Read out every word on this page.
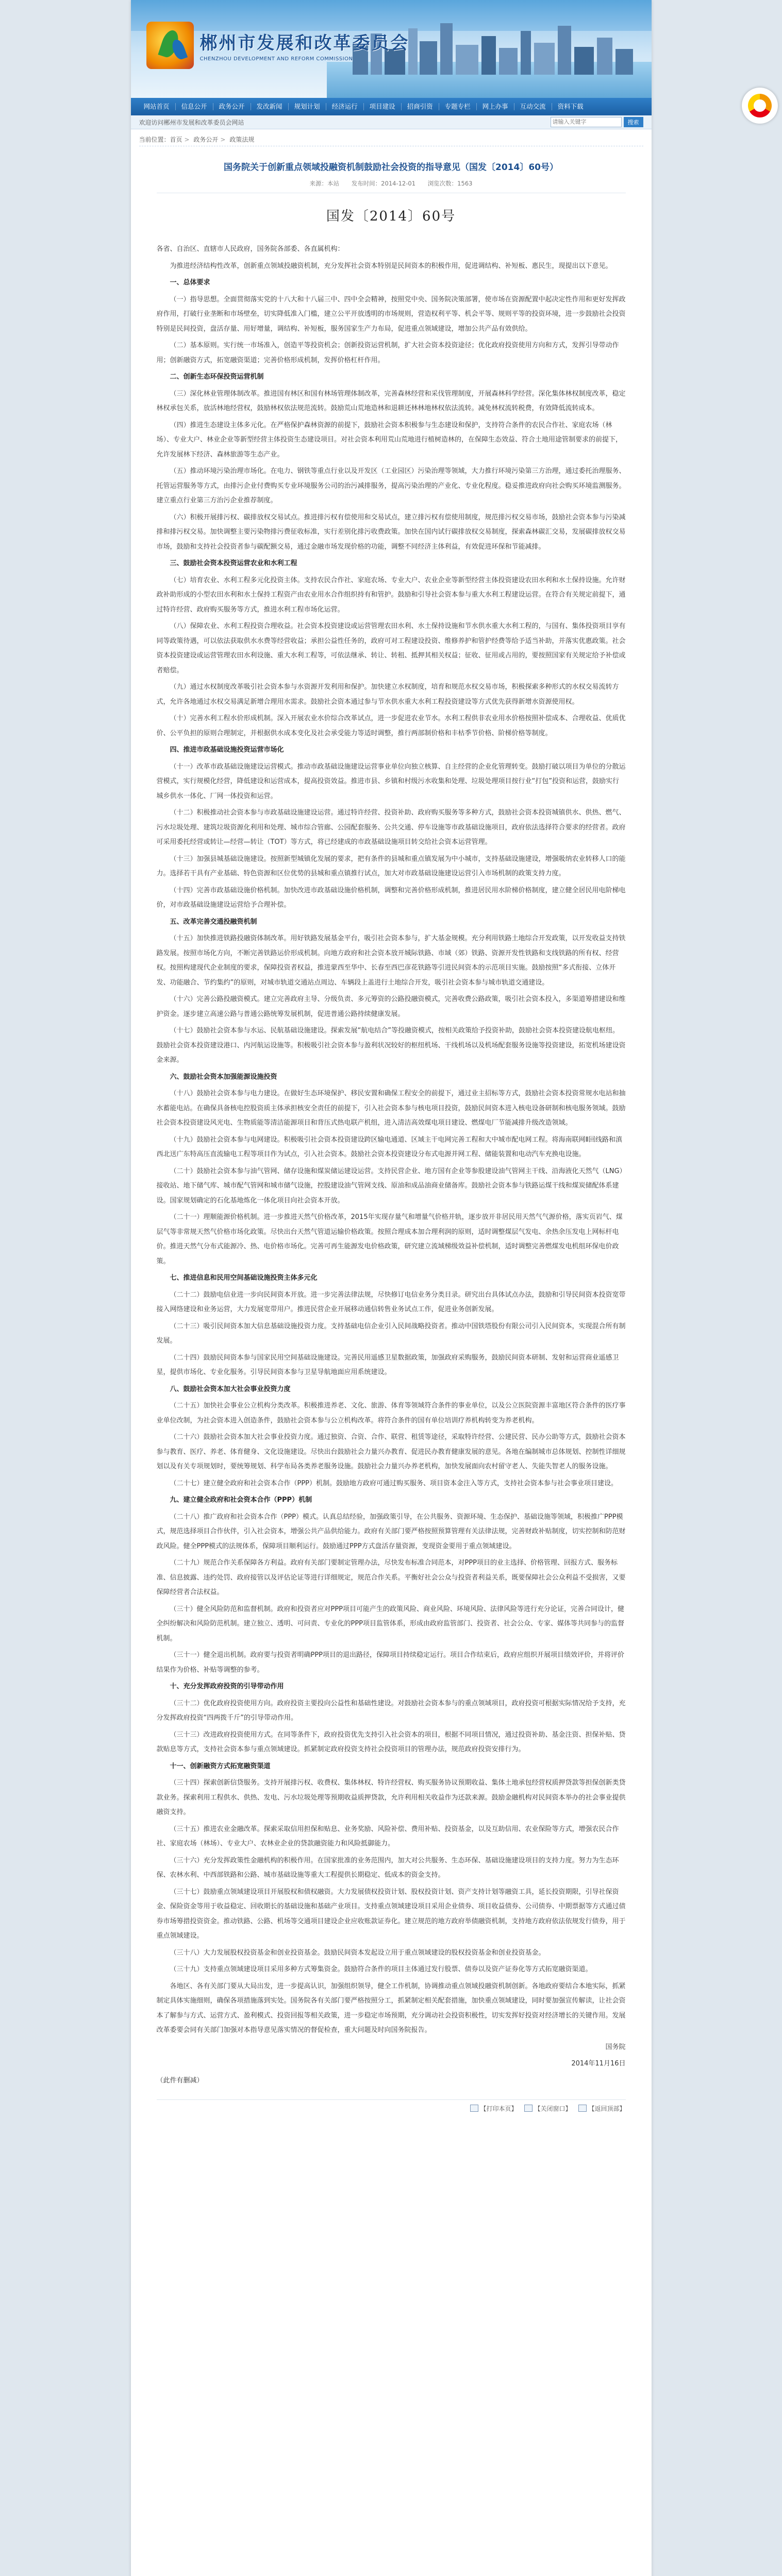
郴州市发展和改革委员会
CHENZHOU DEVELOPMENT AND REFORM COMMISSION
网站首页	信息公开	政务公开	发改新闻	规划计划	经济运行	项目建设	招商引资	专题专栏	网上办事	互动交流	资料下载
欢迎访问郴州市发展和改革委员会网站
请输入关键字	搜索
当前位置：首页 > 政务公开 > 政策法规
国务院关于创新重点领域投融资机制鼓励社会投资的指导意见（国发〔2014〕60号）
来源：本站 发布时间：2014-12-01 浏览次数：1563
国发〔2014〕60号

各省、自治区、直辖市人民政府，国务院各部委、各直属机构：

为推进经济结构性改革，创新重点领域投融资机制，充分发挥社会资本特别是民间资本的积极作用，促进调结构、补短板、惠民生，现提出以下意见。

一、总体要求

（一）指导思想。全面贯彻落实党的十八大和十八届三中、四中全会精神，按照党中央、国务院决策部署，使市场在资源配置中起决定性作用和更好发挥政府作用，打破行业垄断和市场壁垒，切实降低准入门槛，建立公平开放透明的市场规则，营造权利平等、机会平等、规则平等的投资环境，进一步鼓励社会投资特别是民间投资，盘活存量、用好增量，调结构、补短板，服务国家生产力布局，促进重点领域建设，增加公共产品有效供给。

（二）基本原则。实行统一市场准入，创造平等投资机会；创新投资运营机制，扩大社会资本投资途径；优化政府投资使用方向和方式，发挥引导带动作用；创新融资方式，拓宽融资渠道；完善价格形成机制，发挥价格杠杆作用。

二、创新生态环保投资运营机制

（三）深化林业管理体制改革。推进国有林区和国有林场管理体制改革，完善森林经营和采伐管理制度，开展森林科学经营。深化集体林权制度改革，稳定林权承包关系，放活林地经营权，鼓励林权依法规范流转。鼓励荒山荒地造林和退耕还林林地林权依法流转。减免林权流转税费，有效降低流转成本。

（四）推进生态建设主体多元化。在严格保护森林资源的前提下，鼓励社会资本积极参与生态建设和保护，支持符合条件的农民合作社、家庭农场（林场）、专业大户、林业企业等新型经营主体投资生态建设项目。对社会资本利用荒山荒地进行植树造林的，在保障生态效益、符合土地用途管制要求的前提下，允许发展林下经济、森林旅游等生态产业。

（五）推动环境污染治理市场化。在电力、钢铁等重点行业以及开发区（工业园区）污染治理等领域，大力推行环境污染第三方治理，通过委托治理服务、托管运营服务等方式，由排污企业付费购买专业环境服务公司的治污减排服务，提高污染治理的产业化、专业化程度。稳妥推进政府向社会购买环境监测服务。建立重点行业第三方治污企业推荐制度。

（六）积极开展排污权、碳排放权交易试点。推进排污权有偿使用和交易试点，建立排污权有偿使用制度，规范排污权交易市场，鼓励社会资本参与污染减排和排污权交易。加快调整主要污染物排污费征收标准，实行差别化排污收费政策。加快在国内试行碳排放权交易制度，探索森林碳汇交易，发展碳排放权交易市场，鼓励和支持社会投资者参与碳配额交易，通过金融市场发现价格的功能，调整不同经济主体利益，有效促进环保和节能减排。

三、鼓励社会资本投资运营农业和水利工程

（七）培育农业、水利工程多元化投资主体。支持农民合作社、家庭农场、专业大户、农业企业等新型经营主体投资建设农田水利和水土保持设施。允许财政补助形成的小型农田水利和水土保持工程资产由农业用水合作组织持有和管护。鼓励和引导社会资本参与重大水利工程建设运营。在符合有关规定前提下，通过特许经营、政府购买服务等方式，推进水利工程市场化运营。

（八）保障农业、水利工程投资合理收益。社会资本投资建设或运营管理农田水利、水土保持设施和节水供水重大水利工程的，与国有、集体投资项目享有同等政策待遇，可以依法获取供水水费等经营收益；承担公益性任务的，政府可对工程建设投资、维修养护和管护经费等给予适当补助，并落实优惠政策。社会资本投资建设或运营管理农田水利设施、重大水利工程等，可依法继承、转让、转租、抵押其相关权益；征收、征用或占用的，要按照国家有关规定给予补偿或者赔偿。

（九）通过水权制度改革吸引社会资本参与水资源开发利用和保护。加快建立水权制度，培育和规范水权交易市场，积极探索多种形式的水权交易流转方式，允许各地通过水权交易满足新增合理用水需求。鼓励社会资本通过参与节水供水重大水利工程投资建设等方式优先获得新增水资源使用权。

（十）完善水利工程水价形成机制。深入开展农业水价综合改革试点，进一步促进农业节水。水利工程供非农业用水价格按照补偿成本、合理收益、优质优价、公平负担的原则合理制定，并根据供水成本变化及社会承受能力等适时调整，推行两部制价格和丰枯季节价格、阶梯价格等制度。

四、推进市政基础设施投资运营市场化

（十一）改革市政基础设施建设运营模式。推动市政基础设施建设运营事业单位向独立核算、自主经营的企业化管理转变。鼓励打破以项目为单位的分散运营模式，实行规模化经营，降低建设和运营成本，提高投资效益。推进市县、乡镇和村级污水收集和处理、垃圾处理项目按行业“打包”投资和运营，鼓励实行城乡供水一体化、厂网一体投资和运营。

（十二）积极推动社会资本参与市政基础设施建设运营。通过特许经营、投资补助、政府购买服务等多种方式，鼓励社会资本投资城镇供水、供热、燃气、污水垃圾处理、建筑垃圾资源化利用和处理、城市综合管廊、公园配套服务、公共交通、停车设施等市政基础设施项目，政府依法选择符合要求的经营者。政府可采用委托经营或转让—经营—转让（TOT）等方式，将已经建成的市政基础设施项目转交给社会资本运营管理。

（十三）加强县城基础设施建设。按照新型城镇化发展的要求，把有条件的县城和重点镇发展为中小城市，支持基础设施建设，增强吸纳农业转移人口的能力。选择若干具有产业基础、特色资源和区位优势的县城和重点镇推行试点，加大对市政基础设施建设运营引入市场机制的政策支持力度。

（十四）完善市政基础设施价格机制。加快改进市政基础设施价格机制，调整和完善价格形成机制，推进居民用水阶梯价格制度，建立健全居民用电阶梯电价，对市政基础设施建设运营给予合理补偿。

五、改革完善交通投融资机制

（十五）加快推进铁路投融资体制改革。用好铁路发展基金平台，吸引社会资本参与，扩大基金规模。充分利用铁路土地综合开发政策，以开发收益支持铁路发展。按照市场化方向，不断完善铁路运价形成机制。向地方政府和社会资本放开城际铁路、市域（郊）铁路、资源开发性铁路和支线铁路的所有权、经营权。按照构建现代企业制度的要求，保障投资者权益，推进蒙西至华中、长春至西巴彦花铁路等引进民间资本的示范项目实施。鼓励按照“多式衔接、立体开发、功能融合、节约集约”的原则，对城市轨道交通站点周边、车辆段上盖进行土地综合开发，吸引社会资本参与城市轨道交通建设。

（十六）完善公路投融资模式。建立完善政府主导、分级负责、多元筹资的公路投融资模式，完善收费公路政策，吸引社会资本投入，多渠道筹措建设和维护资金。逐步建立高速公路与普通公路统筹发展机制，促进普通公路持续健康发展。

（十七）鼓励社会资本参与水运、民航基础设施建设。探索发展“航电结合”等投融资模式，按相关政策给予投资补助，鼓励社会资本投资建设航电枢纽。鼓励社会资本投资建设港口、内河航运设施等。积极吸引社会资本参与盈利状况较好的枢纽机场、干线机场以及机场配套服务设施等投资建设，拓宽机场建设资金来源。

六、鼓励社会资本加强能源设施投资

（十八）鼓励社会资本参与电力建设。在做好生态环境保护、移民安置和确保工程安全的前提下，通过业主招标等方式，鼓励社会资本投资常规水电站和抽水蓄能电站。在确保具备核电控股资质主体承担核安全责任的前提下，引入社会资本参与核电项目投资，鼓励民间资本进入核电设备研制和核电服务领域。鼓励社会资本投资建设风光电、生物质能等清洁能源项目和背压式热电联产机组，进入清洁高效煤电项目建设、燃煤电厂节能减排升级改造领域。

（十九）鼓励社会资本参与电网建设。积极吸引社会资本投资建设跨区输电通道、区域主干电网完善工程和大中城市配电网工程。将海南联网Ⅱ回线路和滇西北送广东特高压直流输电工程等项目作为试点，引入社会资本。鼓励社会资本投资建设分布式电源并网工程、储能装置和电动汽车充换电设施。

（二十）鼓励社会资本参与油气管网、储存设施和煤炭储运建设运营。支持民营企业、地方国有企业等参股建设油气管网主干线、沿海液化天然气（LNG）接收站、地下储气库、城市配气管网和城市储气设施，控股建设油气管网支线、原油和成品油商业储备库。鼓励社会资本参与铁路运煤干线和煤炭储配体系建设。国家规划确定的石化基地炼化一体化项目向社会资本开放。

（二十一）理顺能源价格机制。进一步推进天然气价格改革，2015年实现存量气和增量气价格并轨，逐步放开非居民用天然气气源价格，落实页岩气、煤层气等非常规天然气价格市场化政策。尽快出台天然气管道运输价格政策。按照合理成本加合理利润的原则，适时调整煤层气发电、余热余压发电上网标杆电价。推进天然气分布式能源冷、热、电价格市场化。完善可再生能源发电价格政策，研究建立流域梯级效益补偿机制，适时调整完善燃煤发电机组环保电价政策。

七、推进信息和民用空间基础设施投资主体多元化

（二十二）鼓励电信业进一步向民间资本开放。进一步完善法律法规，尽快修订电信业务分类目录。研究出台具体试点办法，鼓励和引导民间资本投资宽带接入网络建设和业务运营，大力发展宽带用户。推进民营企业开展移动通信转售业务试点工作，促进业务创新发展。

（二十三）吸引民间资本加大信息基础设施投资力度。支持基础电信企业引入民间战略投资者。推动中国铁塔股份有限公司引入民间资本，实现混合所有制发展。

（二十四）鼓励民间资本参与国家民用空间基础设施建设。完善民用遥感卫星数据政策，加强政府采购服务，鼓励民间资本研制、发射和运营商业遥感卫星，提供市场化、专业化服务。引导民间资本参与卫星导航地面应用系统建设。

八、鼓励社会资本加大社会事业投资力度

（二十五）加快社会事业公立机构分类改革。积极推进养老、文化、旅游、体育等领域符合条件的事业单位，以及公立医院资源丰富地区符合条件的医疗事业单位改制，为社会资本进入创造条件，鼓励社会资本参与公立机构改革。将符合条件的国有单位培训疗养机构转变为养老机构。

（二十六）鼓励社会资本加大社会事业投资力度。通过独资、合资、合作、联营、租赁等途径，采取特许经营、公建民营、民办公助等方式，鼓励社会资本参与教育、医疗、养老、体育健身、文化设施建设。尽快出台鼓励社会力量兴办教育、促进民办教育健康发展的意见。各地在编制城市总体规划、控制性详细规划以及有关专项规划时，要统筹规划、科学布局各类养老服务设施。鼓励社会力量兴办养老机构，加快发展面向农村留守老人、失能失智老人的服务设施。

（二十七）建立健全政府和社会资本合作（PPP）机制。鼓励地方政府可通过购买服务、项目资本金注入等方式，支持社会资本参与社会事业项目建设。

九、建立健全政府和社会资本合作（PPP）机制

（二十八）推广政府和社会资本合作（PPP）模式。认真总结经验，加强政策引导，在公共服务、资源环境、生态保护、基础设施等领域，积极推广PPP模式，规范选择项目合作伙伴，引入社会资本，增强公共产品供给能力。政府有关部门要严格按照预算管理有关法律法规，完善财政补贴制度，切实控制和防范财政风险。健全PPP模式的法规体系，保障项目顺利运行。鼓励通过PPP方式盘活存量资源，变现资金要用于重点领域建设。

（二十九）规范合作关系保障各方利益。政府有关部门要制定管理办法，尽快发布标准合同范本，对PPP项目的业主选择、价格管理、回报方式、服务标准、信息披露、违约处罚、政府接管以及评估论证等进行详细规定，规范合作关系。平衡好社会公众与投资者利益关系，既要保障社会公众利益不受损害，又要保障经营者合法权益。

（三十）健全风险防范和监督机制。政府和投资者应对PPP项目可能产生的政策风险、商业风险、环境风险、法律风险等进行充分论证，完善合同设计，健全纠纷解决和风险防范机制。建立独立、透明、可问责、专业化的PPP项目监管体系，形成由政府监管部门、投资者、社会公众、专家、媒体等共同参与的监督机制。

（三十一）健全退出机制。政府要与投资者明确PPP项目的退出路径，保障项目持续稳定运行。项目合作结束后，政府应组织开展项目绩效评价，并将评价结果作为价格、补贴等调整的参考。

十、充分发挥政府投资的引导带动作用

（三十二）优化政府投资使用方向。政府投资主要投向公益性和基础性建设。对鼓励社会资本参与的重点领域项目，政府投资可根据实际情况给予支持，充分发挥政府投资“四两拨千斤”的引导带动作用。

（三十三）改进政府投资使用方式。在同等条件下，政府投资优先支持引入社会资本的项目，根据不同项目情况，通过投资补助、基金注资、担保补贴、贷款贴息等方式，支持社会资本参与重点领域建设。抓紧制定政府投资支持社会投资项目的管理办法，规范政府投资安排行为。

十一、创新融资方式拓宽融资渠道

（三十四）探索创新信贷服务。支持开展排污权、收费权、集体林权、特许经营权、购买服务协议预期收益、集体土地承包经营权质押贷款等担保创新类贷款业务。探索利用工程供水、供热、发电、污水垃圾处理等预期收益质押贷款，允许利用相关收益作为还款来源。鼓励金融机构对民间资本举办的社会事业提供融资支持。

（三十五）推进农业金融改革。探索采取信用担保和贴息、业务奖励、风险补偿、费用补贴、投资基金，以及互助信用、农业保险等方式，增强农民合作社、家庭农场（林场）、专业大户、农林业企业的贷款融资能力和风险抵御能力。

（三十六）充分发挥政策性金融机构的积极作用。在国家批准的业务范围内，加大对公共服务、生态环保、基础设施建设项目的支持力度。努力为生态环保、农林水利、中西部铁路和公路、城市基础设施等重大工程提供长期稳定、低成本的资金支持。

（三十七）鼓励重点领域建设项目开展股权和债权融资。大力发展债权投资计划、股权投资计划、资产支持计划等融资工具，延长投资期限，引导社保资金、保险资金等用于收益稳定、回收期长的基础设施和基础产业项目。支持重点领域建设项目采用企业债券、项目收益债券、公司债券、中期票据等方式通过债券市场筹措投资资金。推动铁路、公路、机场等交通项目建设企业应收账款证券化。建立规范的地方政府举债融资机制，支持地方政府依法依规发行债券，用于重点领域建设。

（三十八）大力发展股权投资基金和创业投资基金。鼓励民间资本发起设立用于重点领域建设的股权投资基金和创业投资基金。

（三十九）支持重点领域建设项目采用多种方式筹集资金。鼓励符合条件的项目主体通过发行股票、债券以及资产证券化等方式拓宽融资渠道。

各地区、各有关部门要从大局出发，进一步提高认识，加强组织领导，健全工作机制，协调推动重点领域投融资机制创新。各地政府要结合本地实际，抓紧制定具体实施细则，确保各项措施落到实处。国务院各有关部门要严格按照分工，抓紧制定相关配套措施，加快重点领域建设，同时要加强宣传解读，让社会资本了解参与方式、运营方式、盈利模式、投资回报等相关政策，进一步稳定市场预期，充分调动社会投资积极性，切实发挥好投资对经济增长的关键作用。发展改革委要会同有关部门加强对本指导意见落实情况的督促检查，重大问题及时向国务院报告。

国务院

2014年11月16日

（此件有删减）

【打印本页】	【关闭窗口】	【返回顶部】
